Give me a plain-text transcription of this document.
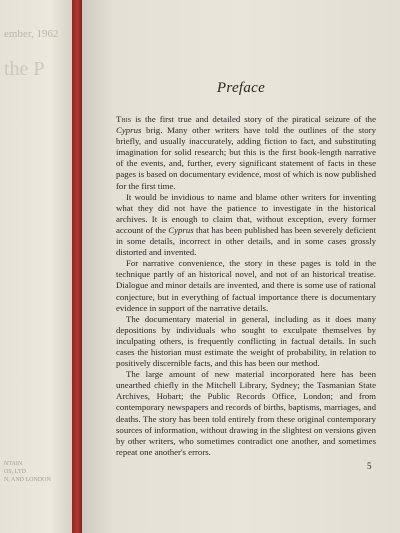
ember, 1962
the P
NTAIN
OS, LTD
N, AND LONDON
Preface

This is the first true and detailed story of the piratical seizure of the Cyprus brig. Many other writers have told the outlines of the story briefly, and usually inaccurately, adding fiction to fact, and substituting imagination for solid research; but this is the first book-length narrative of the events, and, further, every significant statement of facts in these pages is based on documentary evidence, most of which is now published for the first time.

It would be invidious to name and blame other writers for inventing what they did not have the patience to investigate in the historical archives. It is enough to claim that, without exception, every former account of the Cyprus that has been published has been severely deficient in some details, incorrect in other details, and in some cases grossly distorted and invented.

For narrative convenience, the story in these pages is told in the technique partly of an historical novel, and not of an historical treatise. Dialogue and minor details are invented, and there is some use of rational conjecture, but in everything of factual importance there is documentary evidence in support of the narrative details.

The documentary material in general, including as it does many depositions by individuals who sought to exculpate themselves by inculpating others, is frequently conflicting in factual details. In such cases the historian must estimate the weight of probability, in relation to positively discernible facts, and this has been our method.

The large amount of new material incorporated here has been unearthed chiefly in the Mitchell Library, Sydney; the Tasmanian State Archives, Hobart; the Public Records Office, London; and from contemporary newspapers and records of births, baptisms, marriages, and deaths. The story has been told entirely from these original contemporary sources of information, without drawing in the slightest on versions given by other writers, who sometimes contradict one another, and sometimes repeat one another's errors.

5
